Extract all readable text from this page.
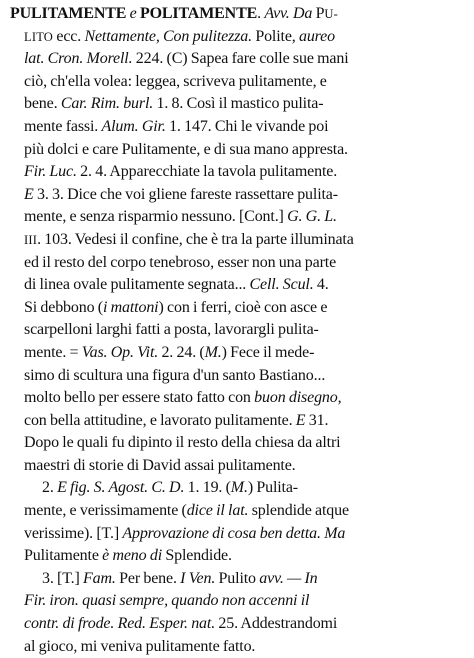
PULITAMENTE e POLITAMENTE. Avv. Da PU-
LITO ecc. Nettamente, Con pulitezza. Polite, aureo
lat. Cron. Morell. 224. (C) Sapea fare colle sue mani
ciò, ch'ella volea: leggea, scriveva pulitamente, e
bene. Car. Rim. burl. 1. 8. Così il mastico pulita-
mente fassi. Alum. Gir. 1. 147. Chi le vivande poi
più dolci e care Pulitamente, e di sua mano appresta.
Fir. Luc. 2. 4. Apparecchiate la tavola pulitamente.
E 3. 3. Dice che voi gliene fareste rassettare pulita-
mente, e senza risparmio nessuno. [Cont.] G. G. L.
III. 103. Vedesi il confine, che è tra la parte illuminata
ed il resto del corpo tenebroso, esser non una parte
di linea ovale pulitamente segnata... Cell. Scul. 4.
Si debbono (i mattoni) con i ferri, cioè con asce e
scarpelloni larghi fatti a posta, lavorargli pulita-
mente. = Vas. Op. Vit. 2. 24. (M.) Fece il mede-
simo di scultura una figura d'un santo Bastiano...
molto bello per essere stato fatto con buon disegno,
con bella attitudine, e lavorato pulitamente. E 31.
Dopo le quali fu dipinto il resto della chiesa da altri
maestri di storie di David assai pulitamente.
2. E fig. S. Agost. C. D. 1. 19. (M.) Pulita-
mente, e verissimamente (dice il lat. splendide atque
verissime). [T.] Approvazione di cosa ben detta. Ma
Pulitamente è meno di Splendide.
3. [T.] Fam. Per bene. I Ven. Pulito avv. — In
Fir. iron. quasi sempre, quando non accenni il
contr. di frode. Red. Esper. nat. 25. Addestrandomi
al gioco, mi veniva pulitamente fatto.
